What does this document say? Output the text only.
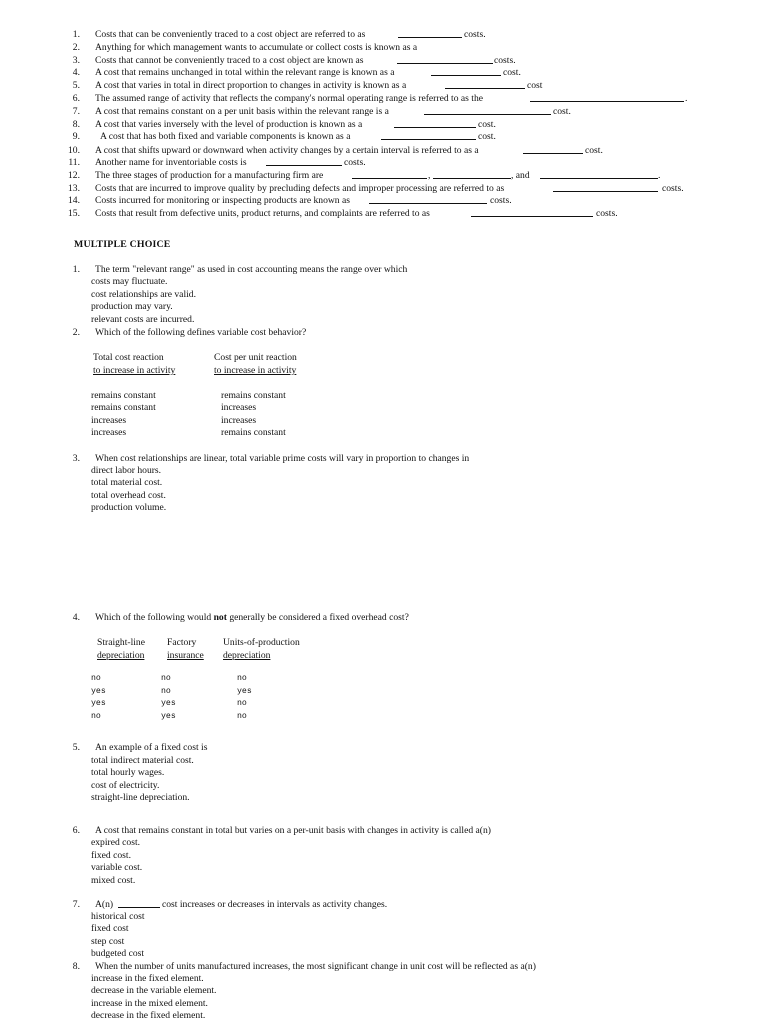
1. Costs that can be conveniently traced to a cost object are referred to as	costs.
2. Anything for which management wants to accumulate or collect costs is known as a
3. Costs that cannot be conveniently traced to a cost object are known as	costs.
4. A cost that remains unchanged in total within the relevant range is known as a	cost.
5. A cost that varies in total in direct proportion to changes in activity is known as a	cost
6. The assumed range of activity that reflects the company's normal operating range is referred to as the	.
7. A cost that remains constant on a per unit basis within the relevant range is a	cost.
8. A cost that varies inversely with the level of production is known as a	cost.
9. A cost that has both fixed and variable components is known as a	cost.
10. A cost that shifts upward or downward when activity changes by a certain interval is referred to as a	cost.
11. Another name for inventoriable costs is	costs.
12. The three stages of production for a manufacturing firm are	,	, and	.
13. Costs that are incurred to improve quality by precluding defects and improper processing are referred to as	costs.
14. Costs incurred for monitoring or inspecting products are known as	costs.
15. Costs that result from defective units, product returns, and complaints are referred to as	costs.
MULTIPLE CHOICE
1. The term "relevant range" as used in cost accounting means the range over which
costs may fluctuate.
cost relationships are valid.
production may vary.
relevant costs are incurred.
2. Which of the following defines variable cost behavior?
Total cost reaction
to increase in activity
Cost per unit reaction
to increase in activity
remains constant	remains constant
remains constant	increases
increases	increases
increases	remains constant
3. When cost relationships are linear, total variable prime costs will vary in proportion to changes in
direct labor hours.
total material cost.
total overhead cost.
production volume.
4. Which of the following would not generally be considered a fixed overhead cost?
Straight-line
depreciation
Factory
insurance
Units-of-production
depreciation
no	no	no
yes	no	yes
yes	yes	no
no	yes	no
5. An example of a fixed cost is
total indirect material cost.
total hourly wages.
cost of electricity.
straight-line depreciation.
6. A cost that remains constant in total but varies on a per-unit basis with changes in activity is called a(n)
expired cost.
fixed cost.
variable cost.
mixed cost.
7. A(n)	cost increases or decreases in intervals as activity changes.
historical cost
fixed cost
step cost
budgeted cost
8. When the number of units manufactured increases, the most significant change in unit cost will be reflected as a(n)
increase in the fixed element.
decrease in the variable element.
increase in the mixed element.
decrease in the fixed element.
